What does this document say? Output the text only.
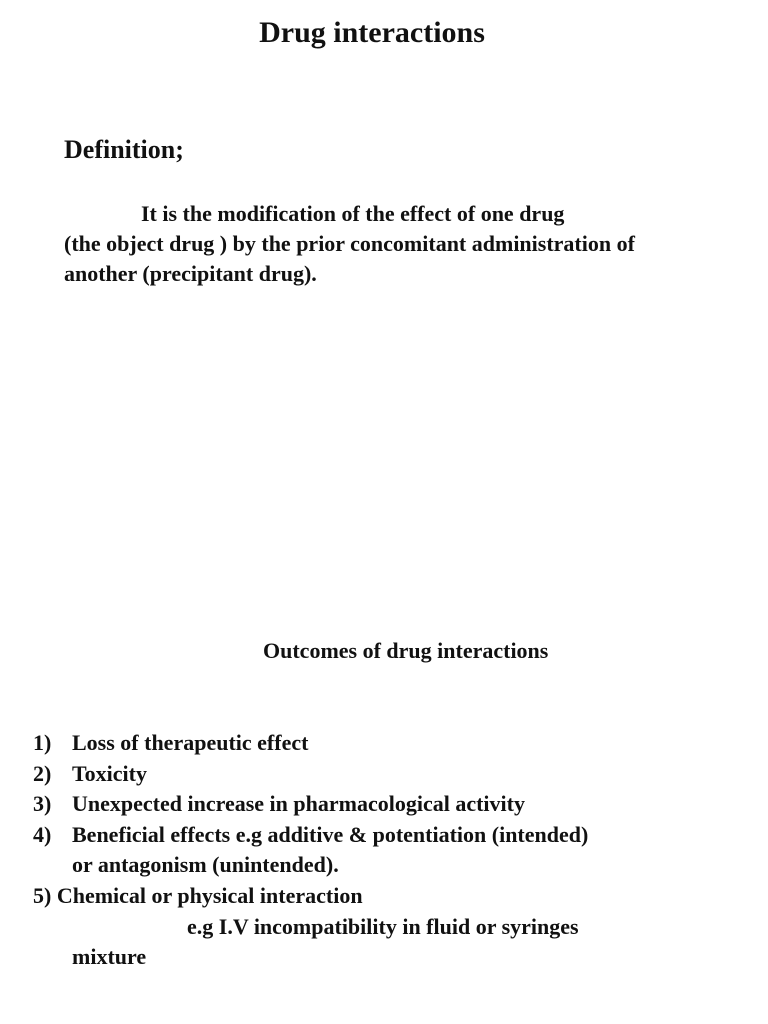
Drug interactions
Definition;
It is the modification of the effect of one drug
(the object drug ) by the prior concomitant administration of
another (precipitant drug).
Outcomes of drug interactions
1) Loss of therapeutic effect
2) Toxicity
3) Unexpected increase in pharmacological activity
4) Beneficial effects e.g additive & potentiation (intended)
or antagonism (unintended).
5) Chemical or physical interaction
e.g I.V incompatibility in fluid or syringes
mixture
